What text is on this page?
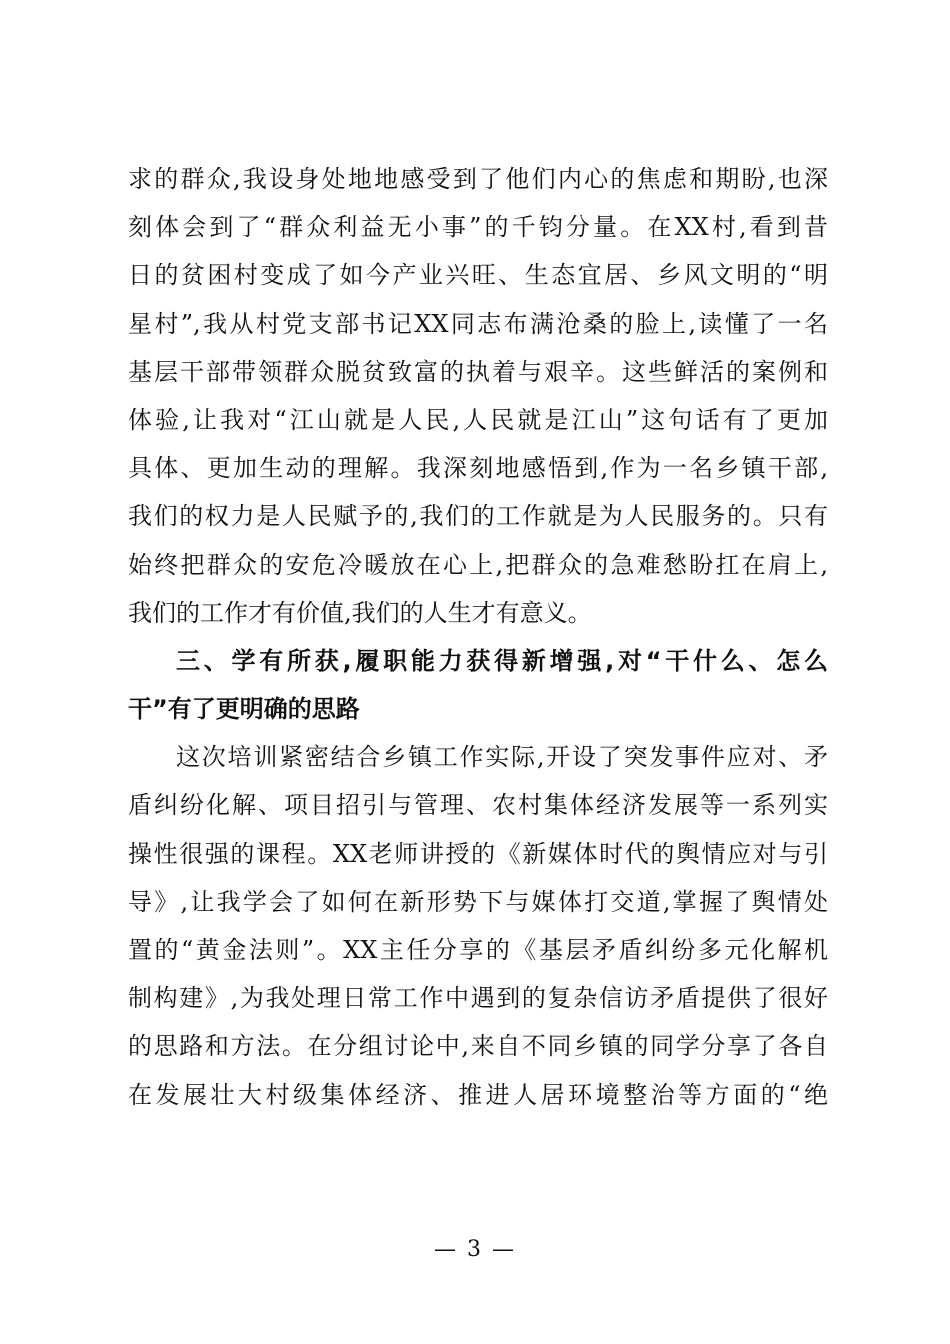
求的群众,我设身处地地感受到了他们内心的焦虑和期盼,也深
刻体会到了“群众利益无小事”的千钧分量。在XX村,看到昔
日的贫困村变成了如今产业兴旺、生态宜居、乡风文明的“明
星村”,我从村党支部书记XX同志布满沧桑的脸上,读懂了一名
基层干部带领群众脱贫致富的执着与艰辛。这些鲜活的案例和
体验,让我对“江山就是人民,人民就是江山”这句话有了更加
具体、更加生动的理解。我深刻地感悟到,作为一名乡镇干部,
我们的权力是人民赋予的,我们的工作就是为人民服务的。只有
始终把群众的安危冷暖放在心上,把群众的急难愁盼扛在肩上,
我们的工作才有价值,我们的人生才有意义。
三、学有所获,履职能力获得新增强,对“干什么、怎么
干”有了更明确的思路
这次培训紧密结合乡镇工作实际,开设了突发事件应对、矛
盾纠纷化解、项目招引与管理、农村集体经济发展等一系列实
操性很强的课程。XX老师讲授的《新媒体时代的舆情应对与引
导》,让我学会了如何在新形势下与媒体打交道,掌握了舆情处
置的“黄金法则”。XX主任分享的《基层矛盾纠纷多元化解机
制构建》,为我处理日常工作中遇到的复杂信访矛盾提供了很好
的思路和方法。在分组讨论中,来自不同乡镇的同学分享了各自
在发展壮大村级集体经济、推进人居环境整治等方面的“绝
— 3 —
